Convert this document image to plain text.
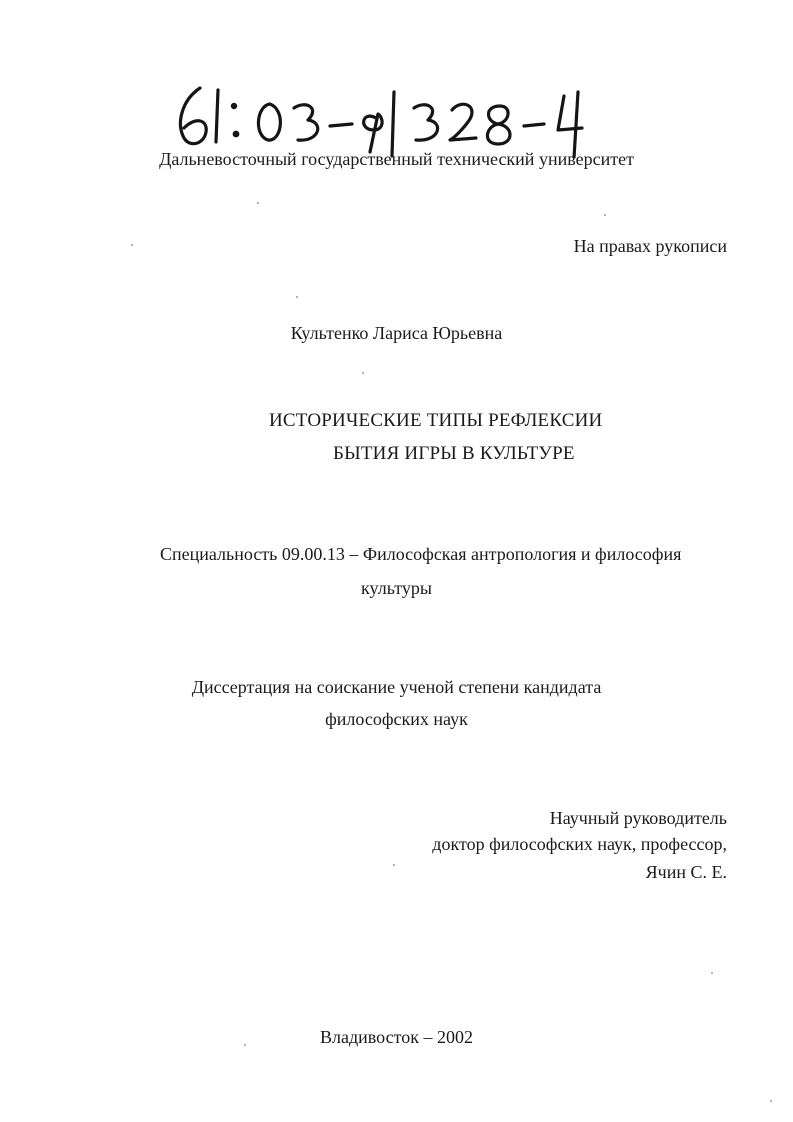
Дальневосточный государственный технический университет
На правах рукописи
Культенко Лариса Юрьевна
ИСТОРИЧЕСКИЕ ТИПЫ РЕФЛЕКСИИ
БЫТИЯ ИГРЫ В КУЛЬТУРЕ
Специальность 09.00.13 – Философская антропология и философия
культуры
Диссертация на соискание ученой степени кандидата
философских наук
Научный руководитель
доктор философских наук, профессор,
Ячин С. Е.
Владивосток – 2002
